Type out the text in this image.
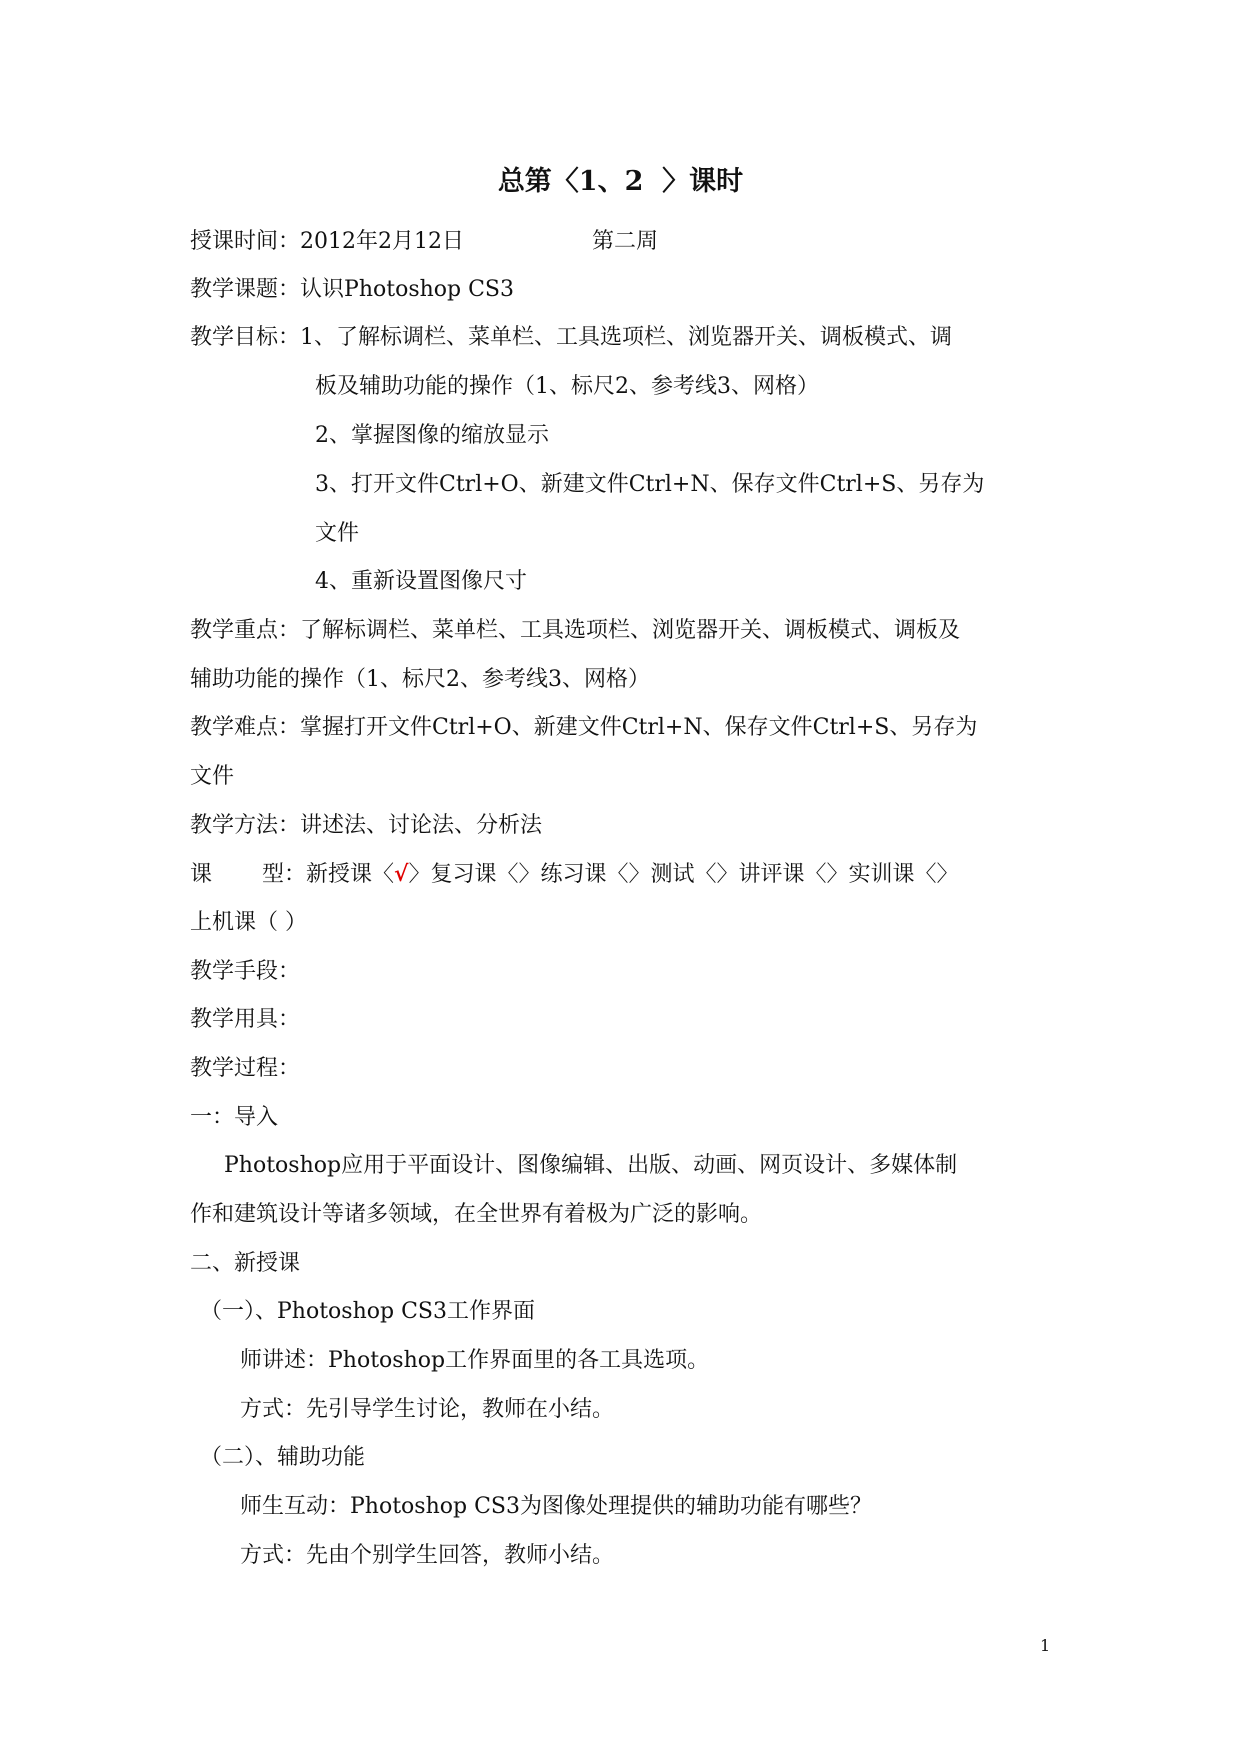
总第〈1、2  〉课时
授课时间：2012年2月12日	第二周
教学课题：认识Photoshop CS3
教学目标：1、了解标调栏、菜单栏、工具选项栏、浏览器开关、调板模式、调
板及辅助功能的操作（1、标尺2、参考线3、网格）
2、掌握图像的缩放显示
3、打开文件Ctrl+O、新建文件Ctrl+N、保存文件Ctrl+S、另存为
文件
4、重新设置图像尺寸
教学重点：了解标调栏、菜单栏、工具选项栏、浏览器开关、调板模式、调板及
辅助功能的操作（1、标尺2、参考线3、网格）
教学难点：掌握打开文件Ctrl+O、新建文件Ctrl+N、保存文件Ctrl+S、另存为
文件
教学方法：讲述法、讨论法、分析法
课 型：新授课〈√〉复习课〈〉练习课〈〉测试〈〉讲评课〈〉实训课〈〉
上机课（ ）
教学手段：
教学用具：
教学过程：
一：导入
Photoshop应用于平面设计、图像编辑、出版、动画、网页设计、多媒体制
作和建筑设计等诸多领域，在全世界有着极为广泛的影响。
二、新授课
（一）、Photoshop CS3工作界面
师讲述：Photoshop工作界面里的各工具选项。
方式：先引导学生讨论，教师在小结。
（二）、辅助功能
师生互动：Photoshop CS3为图像处理提供的辅助功能有哪些？
方式：先由个别学生回答，教师小结。
1
